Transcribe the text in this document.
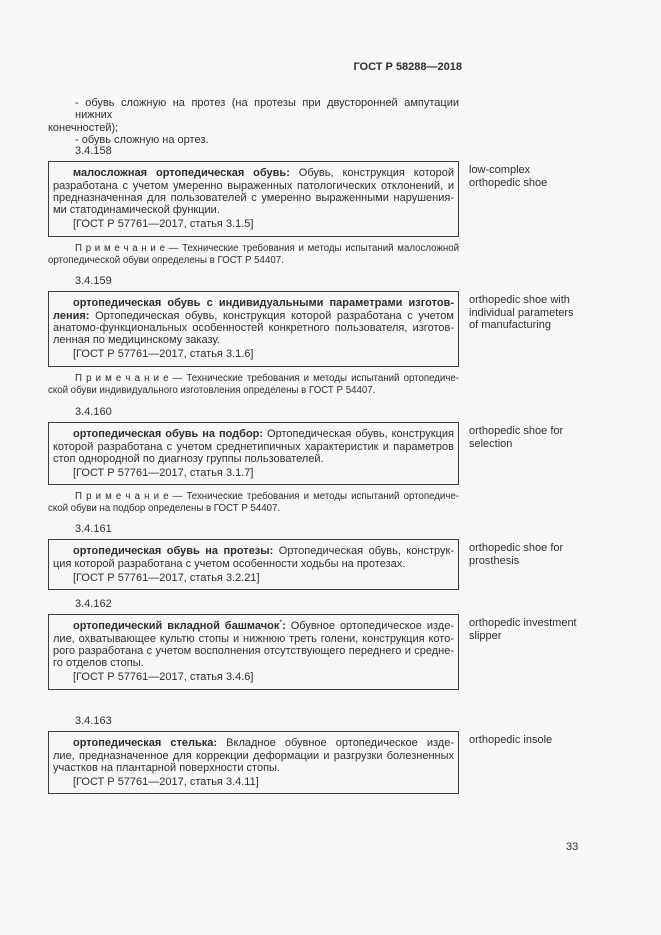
ГОСТ Р 58288—2018
- обувь сложную на протез (на протезы при двусторонней ампутации нижних
конечностей);
- обувь сложную на ортез.
3.4.158
малосложная ортопедическая обувь: Обувь, конструкция которой
разработана с учетом умеренно выраженных патологических отклонений, и
предназначенная для пользователей с умеренно выраженными нарушения-
ми статодинамической функции.
[ГОСТ Р 57761—2017, статья 3.1.5]
low-complex
orthopedic shoe
П р и м е ч а н и е — Технические требования и методы испытаний малосложной
ортопедической обуви определены в ГОСТ Р 54407.
3.4.159
ортопедическая обувь с индивидуальными параметрами изготов-
ления: Ортопедическая обувь, конструкция которой разработана с учетом
анатомо-функциональных особенностей конкретного пользователя, изготов-
ленная по медицинскому заказу.
[ГОСТ Р 57761—2017, статья 3.1.6]
orthopedic shoe with
individual parameters
of manufacturing
П р и м е ч а н и е — Технические требования и методы испытаний ортопедиче-
ской обуви индивидуального изготовления определены в ГОСТ Р 54407.
3.4.160
ортопедическая обувь на подбор: Ортопедическая обувь, конструкция
которой разработана с учетом среднетипичных характеристик и параметров
стоп однородной по диагнозу группы пользователей.
[ГОСТ Р 57761—2017, статья 3.1.7]
orthopedic shoe for
selection
П р и м е ч а н и е — Технические требования и методы испытаний ортопедиче-
ской обуви на подбор определены в ГОСТ Р 54407.
3.4.161
ортопедическая обувь на протезы: Ортопедическая обувь, конструк-
ция которой разработана с учетом особенности ходьбы на протезах.
[ГОСТ Р 57761—2017, статья 3.2.21]
orthopedic shoe for
prosthesis
3.4.162
ортопедический вкладной башмачок*: Обувное ортопедическое изде-
лие, охватывающее культю стопы и нижнюю треть голени, конструкция кото-
рого разработана с учетом восполнения отсутствующего переднего и средне-
го отделов стопы.
[ГОСТ Р 57761—2017, статья 3.4.6]
orthopedic investment
slipper
3.4.163
ортопедическая стелька: Вкладное обувное ортопедическое изде-
лие, предназначенное для коррекции деформации и разгрузки болезненных
участков на плантарной поверхности стопы.
[ГОСТ Р 57761—2017, статья 3.4.11]
orthopedic insole
33
